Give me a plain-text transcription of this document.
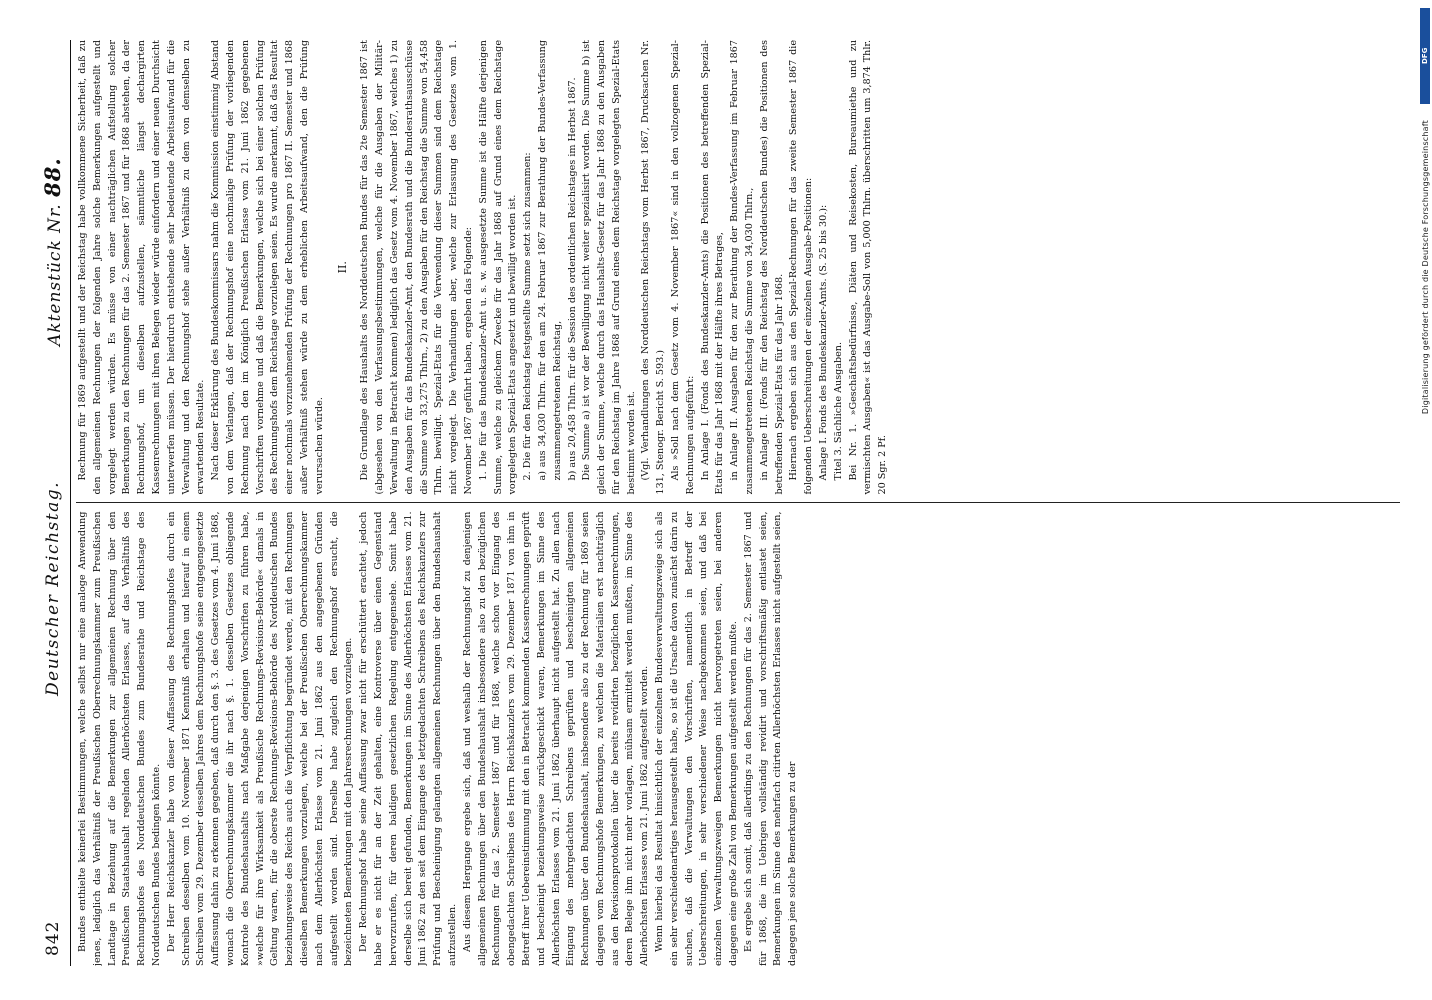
842
Deutscher Reichstag.
Aktenstück Nr. 88.

Bundes enthielte keinerlei Bestimmungen, welche selbst nur eine analoge Anwendung jenes, lediglich das Verhältniß der Preußischen Oberrechnungskammer zum Preußischen Landtage in Beziehung auf die Bemerkungen zur allgemeinen Rechnung über den Preußischen Staatshaushalt regelnden Allerhöchsten Erlasses, auf das Verhältniß des Rechnungshofes des Norddeutschen Bundes zum Bundesrathe und Reichstage des Norddeutschen Bundes bedingen könnte. Der Herr Reichskanzler habe von dieser Auffassung des Rechnungshofes durch ein Schreiben desselben vom 10. November 1871 Kenntniß erhalten und hierauf in einem Schreiben vom 29. Dezember desselben Jahres dem Rechnungshofe seine entgegengesetzte Auffassung dahin zu erkennen gegeben, daß durch den §. 3. des Gesetzes vom 4. Juni 1868, wonach die Oberrechnungskammer die ihr nach §. 1. desselben Gesetzes obliegende Kontrole des Bundeshaushalts nach Maßgabe derjenigen Vorschriften zu führen habe, »welche für ihre Wirksamkeit als Preußische Rechnungs-Revisions-Behörde« damals in Geltung waren, für die oberste Rechnungs-Revisions-Behörde des Norddeutschen Bundes beziehungsweise des Reichs auch die Verpflichtung begründet werde, mit den Rechnungen dieselben Bemerkungen vorzulegen, welche bei der Preußischen Oberrechnungskammer nach dem Allerhöchsten Erlasse vom 21. Juni 1862 aus den angegebenen Gründen aufgestellt worden sind. Derselbe habe zugleich den Rechnungshof ersucht, die bezeichneten Bemerkungen mit den Jahresrechnungen vorzulegen. Der Rechnungshof habe seine Auffassung zwar nicht für erschüttert erachtet, jedoch habe er es nicht für an der Zeit gehalten, eine Kontroverse über einen Gegenstand hervorzurufen, für deren baldigen gesetzlichen Regelung entgegensehe. Somit habe derselbe sich bereit gefunden, Bemerkungen im Sinne des Allerhöchsten Erlasses vom 21. Juni 1862 zu den seit dem Eingange des letztgedachten Schreibens des Reichskanzlers zur Prüfung und Bescheinigung gelangten allgemeinen Rechnungen über den Bundeshaushalt aufzustellen. Aus diesem Hergange ergebe sich, daß und weshalb der Rechnungshof zu denjenigen allgemeinen Rechnungen über den Bundeshaushalt insbesondere also zu den bezüglichen Rechnungen für das 2. Semester 1867 und für 1868, welche schon vor Eingang des obengedachten Schreibens des Herrn Reichskanzlers vom 29. Dezember 1871 von ihm in Betreff ihrer Uebereinstimmung mit den in Betracht kommenden Kassenrechnungen geprüft und bescheinigt beziehungsweise zurückgeschickt waren, Bemerkungen im Sinne des Allerhöchsten Erlasses vom 21. Juni 1862 überhaupt nicht aufgestellt hat. Zu allen nach Eingang des mehrgedachten Schreibens geprüften und bescheinigten allgemeinen Rechnungen über den Bundeshaushalt, insbesondere also zu der Rechnung für 1869 seien dagegen vom Rechnungshofe Bemerkungen, zu welchen die Materialien erst nachträglich aus den Revisionsprotokollen über die bereits revidirten bezüglichen Kassenrechnungen, deren Belege ihm nicht mehr vorlagen, mühsam ermittelt werden mußten, im Sinne des Allerhöchsten Erlasses vom 21. Juni 1862 aufgestellt worden. Wenn hierbei das Resultat hinsichtlich der einzelnen Bundesverwaltungszweige sich als ein sehr verschiedenartiges herausgestellt habe, so ist die Ursache davon zunächst darin zu suchen, daß die Verwaltungen den Vorschriften, namentlich in Betreff der Ueberschreitungen, in sehr verschiedener Weise nachgekommen seien, und daß bei einzelnen Verwaltungszweigen Bemerkungen nicht hervorgetreten seien, bei anderen dagegen eine große Zahl von Bemerkungen aufgestellt werden mußte. Es ergebe sich somit, daß allerdings zu den Rechnungen für das 2. Semester 1867 und für 1868, die im Uebrigen vollständig revidirt und vorschriftsmäßig entlastet seien, Bemerkungen im Sinne des mehrfach citirten Allerhöchsten Erlasses nicht aufgestellt seien, dagegen jene solche Bemerkungen zu der

Rechnung für 1869 aufgestellt und der Reichstag habe vollkommene Sicherheit, daß zu den allgemeinen Rechnungen der folgenden Jahre solche Bemerkungen aufgestellt und vorgelegt werden würden. Es müsse von einer nachträglichen Aufstellung solcher Bemerkungen zu den Rechnungen für das 2. Semester 1867 und für 1868 abstehen, da der Rechnungshof, um dieselben aufzustellen, sämmtliche längst dechargirten Kassenrechnungen mit ihren Belegen wieder würde einfordern und einer neuen Durchsicht unterwerfen müssen. Der hierdurch entstehende sehr bedeutende Arbeitsaufwand für die Verwaltung und den Rechnungshof stehe außer Verhältniß zu dem von demselben zu erwartenden Resultate. Nach dieser Erklärung des Bundeskommissars nahm die Kommission einstimmig Abstand von dem Verlangen, daß der Rechnungshof eine nochmalige Prüfung der vorliegenden Rechnung nach den im Königlich Preußischen Erlasse vom 21. Juni 1862 gegebenen Vorschriften vornehme und daß die Bemerkungen, welche sich bei einer solchen Prüfung des Rechnungshofs dem Reichstage vorzulegen seien. Es wurde anerkannt, daß das Resultat einer nochmals vorzunehmenden Prüfung der Rechnungen pro 1867 II. Semester und 1868 außer Verhältniß stehen würde zu dem erheblichen Arbeitsaufwand, den die Prüfung verursachen würde.

II. Die Grundlage des Haushalts des Norddeutschen Bundes für das 2te Semester 1867 ist (abgesehen von den Verfassungsbestimmungen, welche für die Ausgaben der Militär-Verwaltung in Betracht kommen) lediglich das Gesetz vom 4. November 1867, welches 1) zu den Ausgaben für das Bundeskanzler-Amt, den Bundesrath und die Bundesrathsausschüsse die Summe von 33,275 Thlrn., 2) zu den Ausgaben für den Reichstag die Summe von 54,458 Thlrn. bewilligt. Spezial-Etats für die Verwendung dieser Summen sind dem Reichstage nicht vorgelegt. Die Verhandlungen aber, welche zur Erlassung des Gesetzes vom 1. November 1867 geführt haben, ergeben das Folgende: 1. Die für das Bundeskanzler-Amt u. s. w. ausgesetzte Summe ist die Hälfte derjenigen Summe, welche zu gleichem Zwecke für das Jahr 1868 auf Grund eines dem Reichstage vorgelegten Spezial-Etats angesetzt und bewilligt worden ist. 2. Die für den Reichstag festgestellte Summe setzt sich zusammen: a) aus 34,030 Thlrn. für den am 24. Februar 1867 zur Berathung der Bundes-Verfassung zusammengetretenen Reichstag, b) aus 20,458 Thlrn. für die Session des ordentlichen Reichstages im Herbst 1867. Die Summe a) ist vor der Bewilligung nicht weiter spezialisirt worden. Die Summe b) ist gleich der Summe, welche durch das Haushalts-Gesetz für das Jahr 1868 zu den Ausgaben für den Reichstag im Jahre 1868 auf Grund eines dem Reichstage vorgelegten Spezial-Etats bestimmt worden ist. (Vgl. Verhandlungen des Norddeutschen Reichstags vom Herbst 1867, Drucksachen Nr. 131, Stenogr. Bericht S. 593.) Als »Soll nach dem Gesetz vom 4. November 1867« sind in den vollzogenen Spezial-Rechnungen aufgeführt: In Anlage I. (Fonds des Bundeskanzler-Amts) die Positionen des betreffenden Spezial-Etats für das Jahr 1868 mit der Hälfte ihres Betrages, in Anlage II. Ausgaben für den zur Berathung der Bundes-Verfassung im Februar 1867 zusammengetretenen Reichstag die Summe von 34,030 Thlrn., in Anlage III. (Fonds für den Reichstag des Norddeutschen Bundes) die Positionen des betreffenden Spezial-Etats für das Jahr 1868. Hiernach ergeben sich aus den Spezial-Rechnungen für das zweite Semester 1867 die folgenden Ueberschreitungen der einzelnen Ausgabe-Positionen: Anlage I. Fonds des Bundeskanzler-Amts. (S. 25 bis 30.): Titel 3. Sächliche Ausgaben. Bei Nr. 1. »Geschäftsbedürfnisse, Diäten und Reisekosten, Bureaumiethe und zu vermischten Ausgaben« ist das Ausgabe-Soll von 5,000 Thlrn. überschritten um 3,874 Thlr. 20 Sgr. 2 Pf.

DFG
Digitalisierung gefördert durch die Deutsche Forschungsgemeinschaft
